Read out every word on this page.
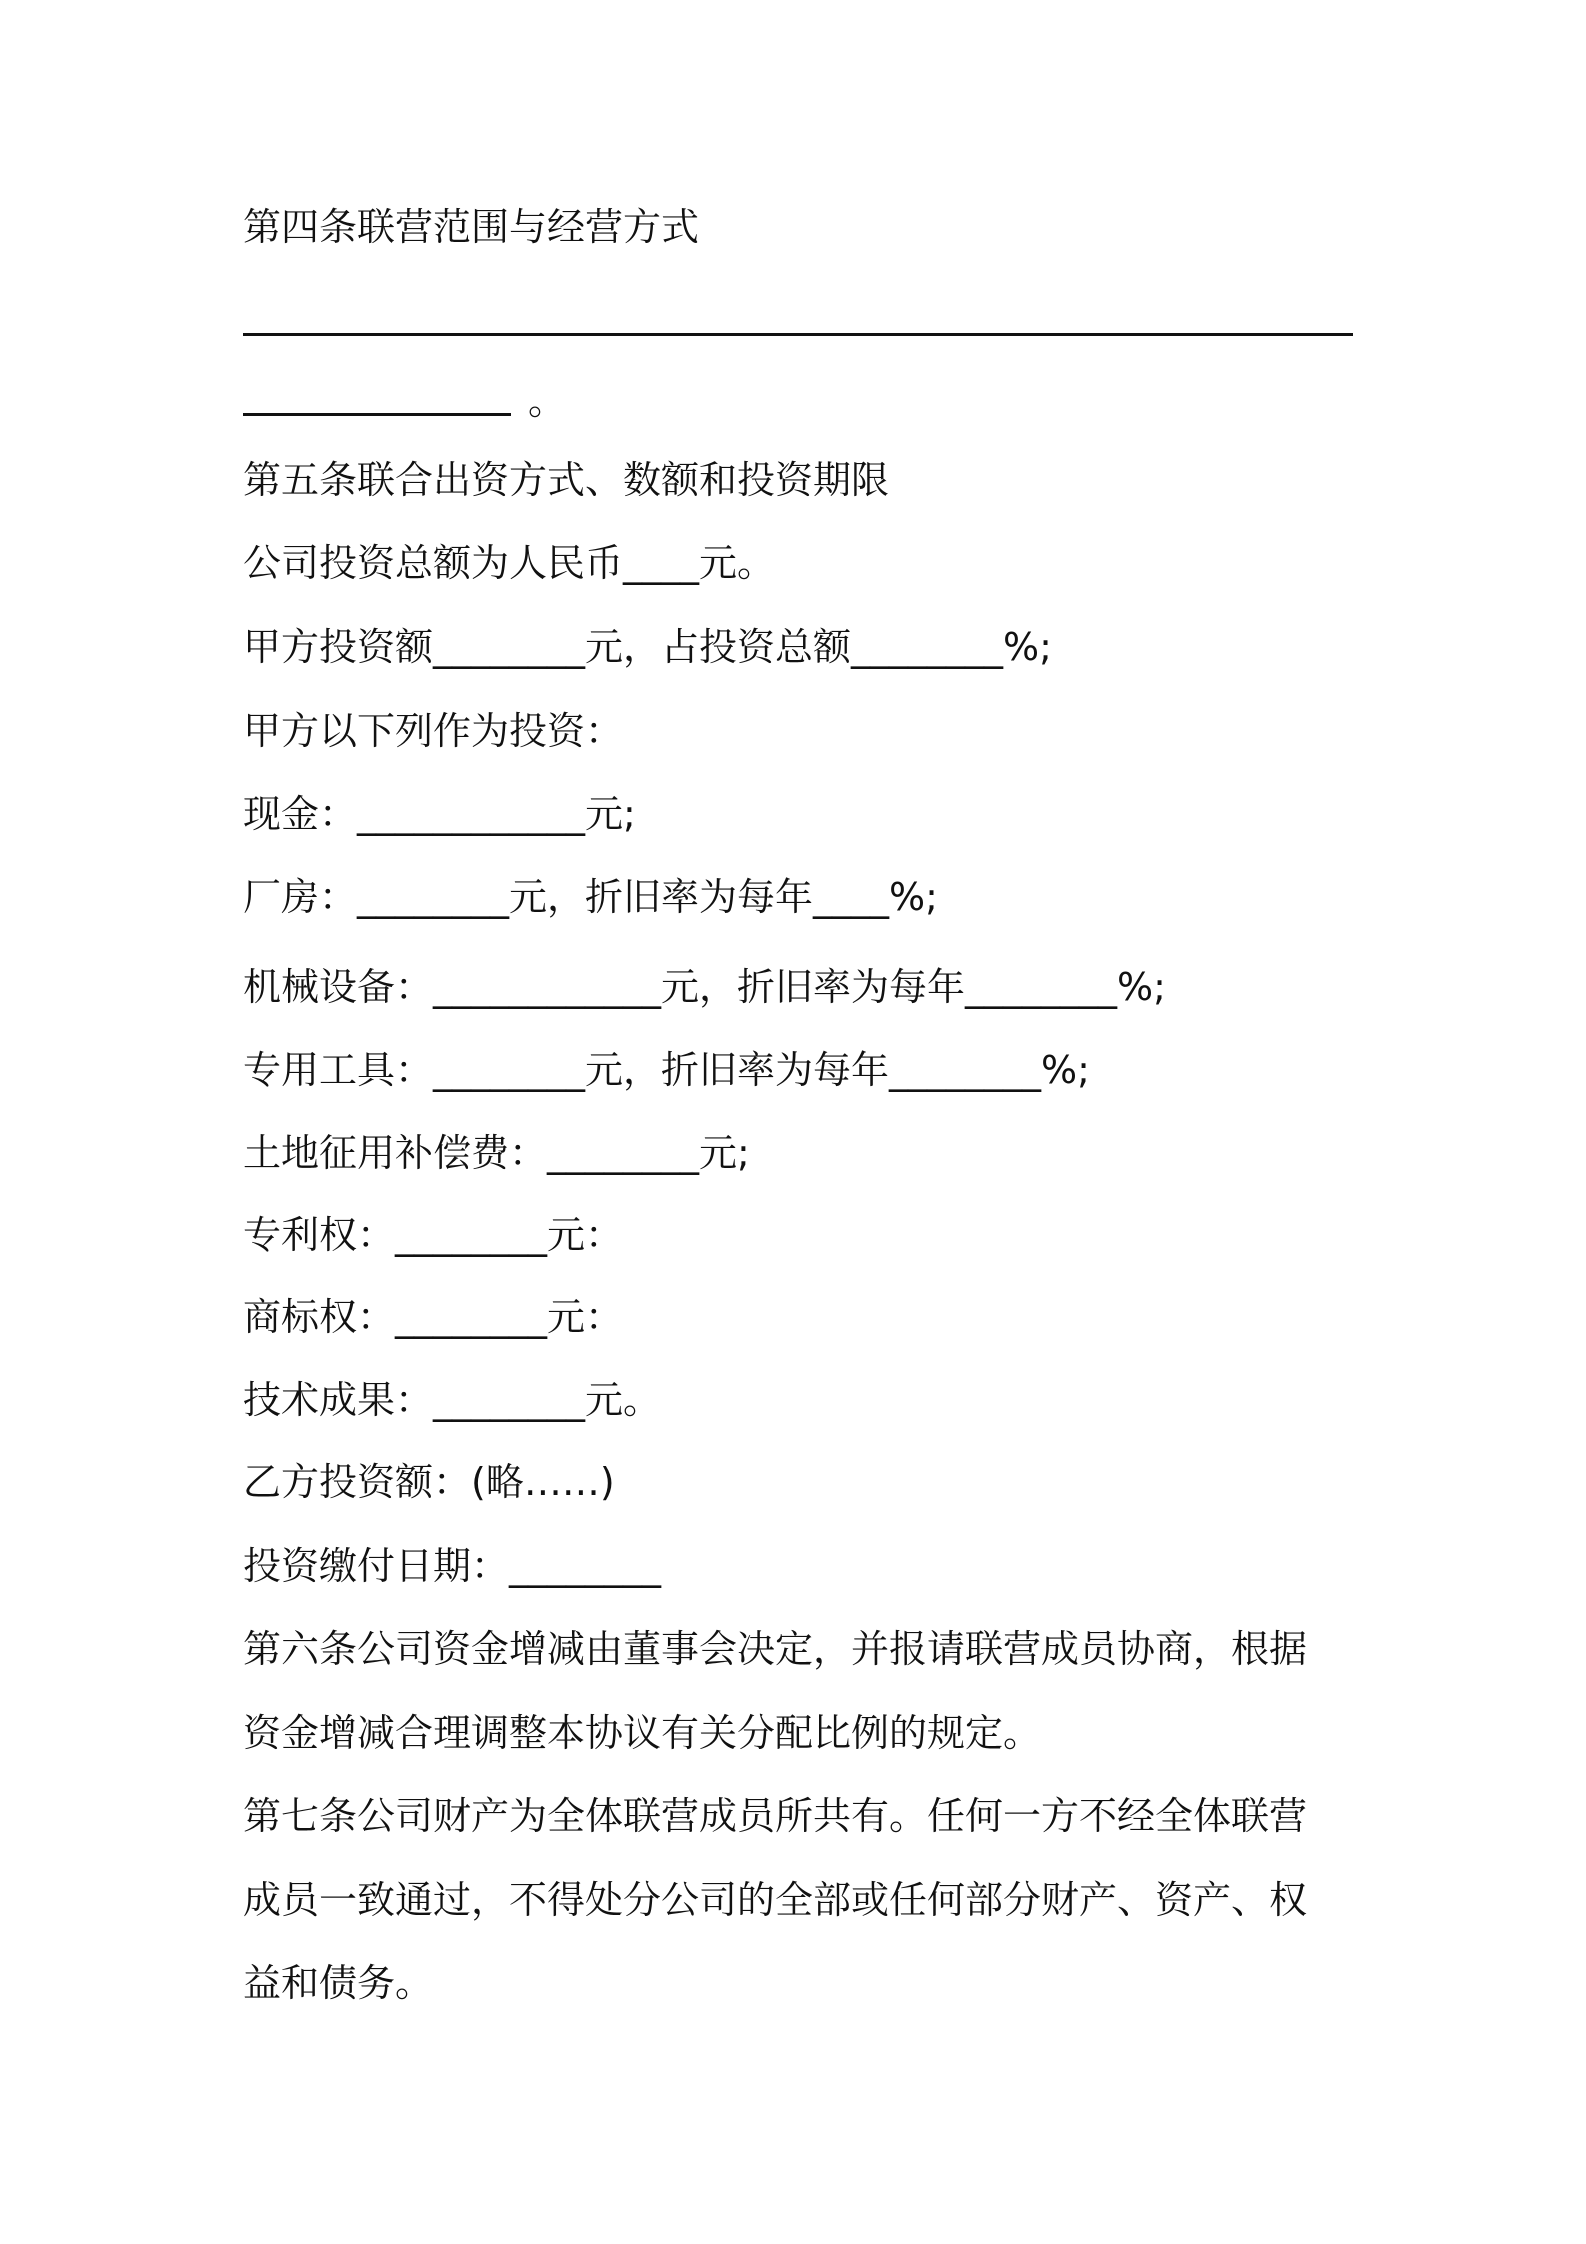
第四条联营范围与经营方式
。
第五条联合出资方式、数额和投资期限
公司投资总额为人民币____元。
甲方投资额________元，占投资总额________%;
甲方以下列作为投资：
现金：____________元;
厂房：________元，折旧率为每年____%;
机械设备：____________元，折旧率为每年________%;
专用工具：________元，折旧率为每年________%;
土地征用补偿费：________元;
专利权：________元：
商标权：________元：
技术成果：________元。
乙方投资额：(略……)
投资缴付日期：________
第六条公司资金增减由董事会决定，并报请联营成员协商，根据
资金增减合理调整本协议有关分配比例的规定。
第七条公司财产为全体联营成员所共有。任何一方不经全体联营
成员一致通过，不得处分公司的全部或任何部分财产、资产、权
益和债务。
